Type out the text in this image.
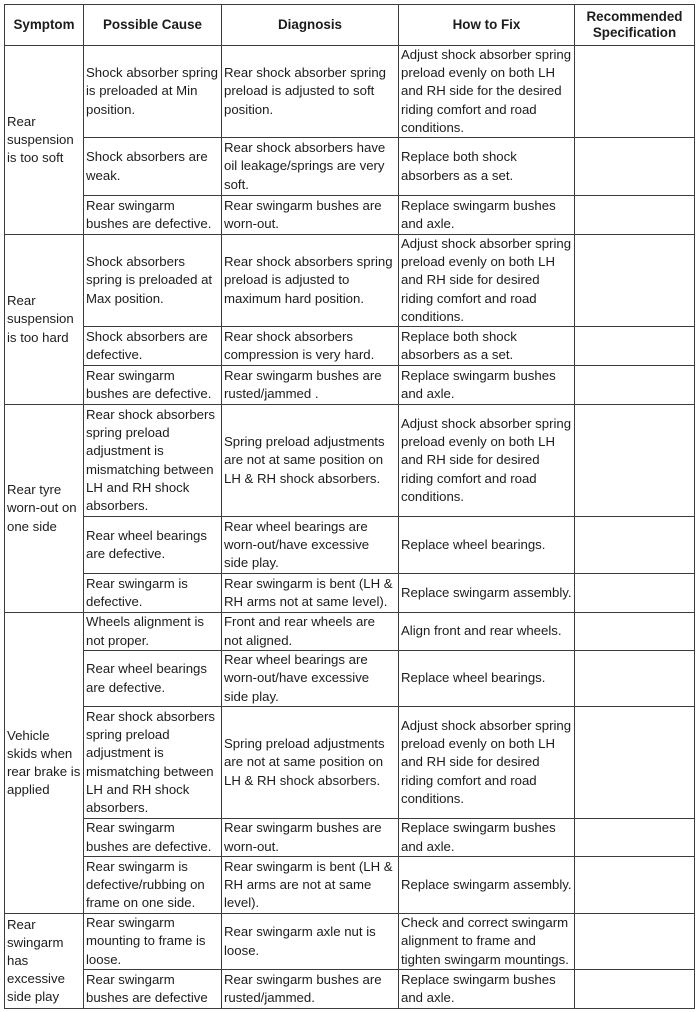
Symptom	Possible Cause	Diagnosis	How to Fix	Recommended Specification
Rear suspension is too soft	Shock absorber spring is preloaded at Min position.	Rear shock absorber spring preload is adjusted to soft position.	Adjust shock absorber spring preload evenly on both LH and RH side for the desired riding comfort and road conditions.	
	Shock absorbers are weak.	Rear shock absorbers have oil leakage/springs are very soft.	Replace both shock absorbers as a set.	
	Rear swingarm bushes are defective.	Rear swingarm bushes are worn-out.	Replace swingarm bushes and axle.	
Rear suspension is too hard	Shock absorbers spring is preloaded at Max position.	Rear shock absorbers spring preload is adjusted to maximum hard position.	Adjust shock absorber spring preload evenly on both LH and RH side for desired riding comfort and road conditions.	
	Shock absorbers are defective.	Rear shock absorbers compression is very hard.	Replace both shock absorbers as a set.	
	Rear swingarm bushes are defective.	Rear swingarm bushes are rusted/jammed .	Replace swingarm bushes and axle.	
Rear tyre worn-out on one side	Rear shock absorbers spring preload adjustment is mismatching between LH and RH shock absorbers.	Spring preload adjustments are not at same position on LH & RH shock absorbers.	Adjust shock absorber spring preload evenly on both LH and RH side for desired riding comfort and road conditions.	
	Rear wheel bearings are defective.	Rear wheel bearings are worn-out/have excessive side play.	Replace wheel bearings.	
	Rear swingarm is defective.	Rear swingarm is bent (LH & RH arms not at same level).	Replace swingarm assembly.	
Vehicle skids when rear brake is applied	Wheels alignment is not proper.	Front and rear wheels are not aligned.	Align front and rear wheels.	
	Rear wheel bearings are defective.	Rear wheel bearings are worn-out/have excessive side play.	Replace wheel bearings.	
	Rear shock absorbers spring preload adjustment is mismatching between LH and RH shock absorbers.	Spring preload adjustments are not at same position on LH & RH shock absorbers.	Adjust shock absorber spring preload evenly on both LH and RH side for desired riding comfort and road conditions.	
	Rear swingarm bushes are defective.	Rear swingarm bushes are worn-out.	Replace swingarm bushes and axle.	
	Rear swingarm is defective/rubbing on frame on one side.	Rear swingarm is bent (LH & RH arms are not at same level).	Replace swingarm assembly.	
Rear swingarm has excessive side play	Rear swingarm mounting to frame is loose.	Rear swingarm axle nut is loose.	Check and correct swingarm alignment to frame and tighten swingarm mountings.	
	Rear swingarm bushes are defective	Rear swingarm bushes are rusted/jammed.	Replace swingarm bushes and axle.	
